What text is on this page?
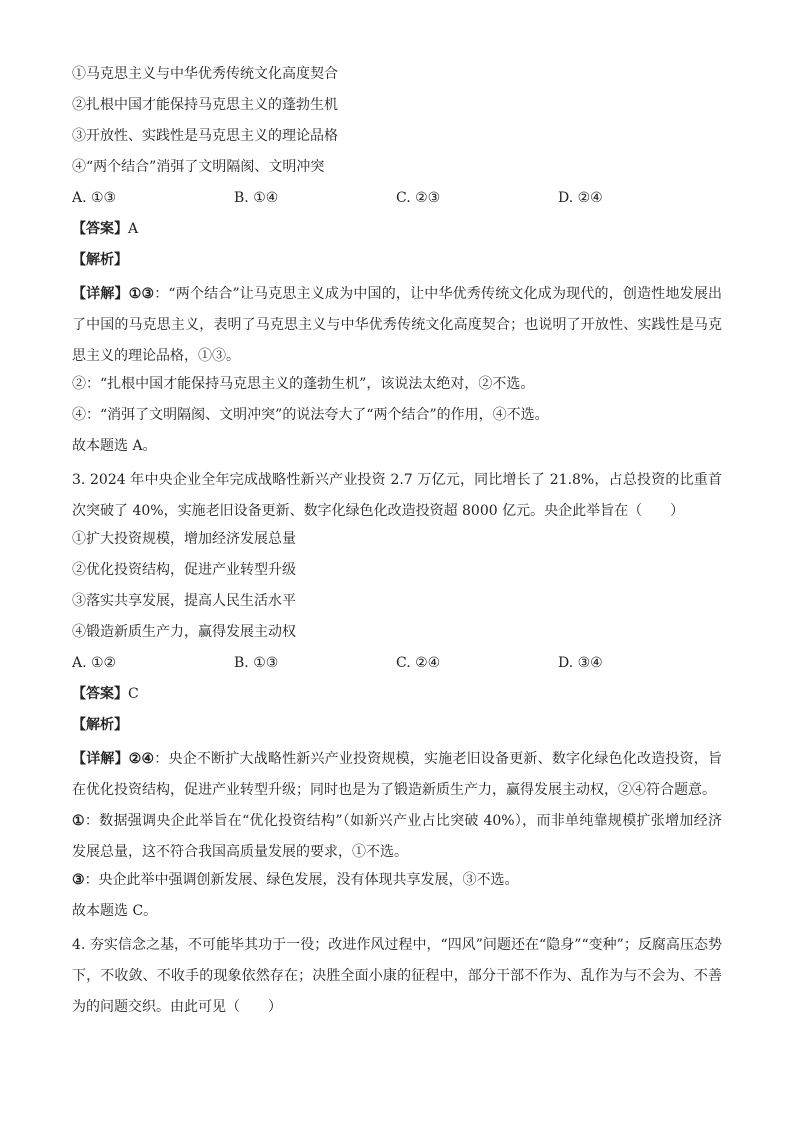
①马克思主义与中华优秀传统文化高度契合
②扎根中国才能保持马克思主义的蓬勃生机
③开放性、实践性是马克思主义的理论品格
④“两个结合”消弭了文明隔阂、文明冲突
A. ①③	B. ①④	C. ②③	D. ②④
【答案】A
【解析】
【详解】①③：“两个结合”让马克思主义成为中国的，让中华优秀传统文化成为现代的，创造性地发展出了中国的马克思主义，表明了马克思主义与中华优秀传统文化高度契合；也说明了开放性、实践性是马克思主义的理论品格，①③。
②：“扎根中国才能保持马克思主义的蓬勃生机”，该说法太绝对，②不选。
④：“消弭了文明隔阂、文明冲突”的说法夸大了“两个结合”的作用，④不选。
故本题选 A。
3. 2024 年中央企业全年完成战略性新兴产业投资 2.7 万亿元，同比增长了 21.8%，占总投资的比重首次突破了 40%，实施老旧设备更新、数字化绿色化改造投资超 8000 亿元。央企此举旨在（　　）
①扩大投资规模，增加经济发展总量
②优化投资结构，促进产业转型升级
③落实共享发展，提高人民生活水平
④锻造新质生产力，赢得发展主动权
A. ①②	B. ①③	C. ②④	D. ③④
【答案】C
【解析】
【详解】②④：央企不断扩大战略性新兴产业投资规模，实施老旧设备更新、数字化绿色化改造投资，旨在优化投资结构，促进产业转型升级；同时也是为了锻造新质生产力，赢得发展主动权，②④符合题意。
①：数据强调央企此举旨在“优化投资结构”（如新兴产业占比突破 40%），而非单纯靠规模扩张增加经济发展总量，这不符合我国高质量发展的要求，①不选。
③：央企此举中强调创新发展、绿色发展，没有体现共享发展，③不选。
故本题选 C。
4. 夯实信念之基，不可能毕其功于一役；改进作风过程中，“四风”问题还在“隐身”“变种”；反腐高压态势下，不收敛、不收手的现象依然存在；决胜全面小康的征程中，部分干部不作为、乱作为与不会为、不善为的问题交织。由此可见（　　）
